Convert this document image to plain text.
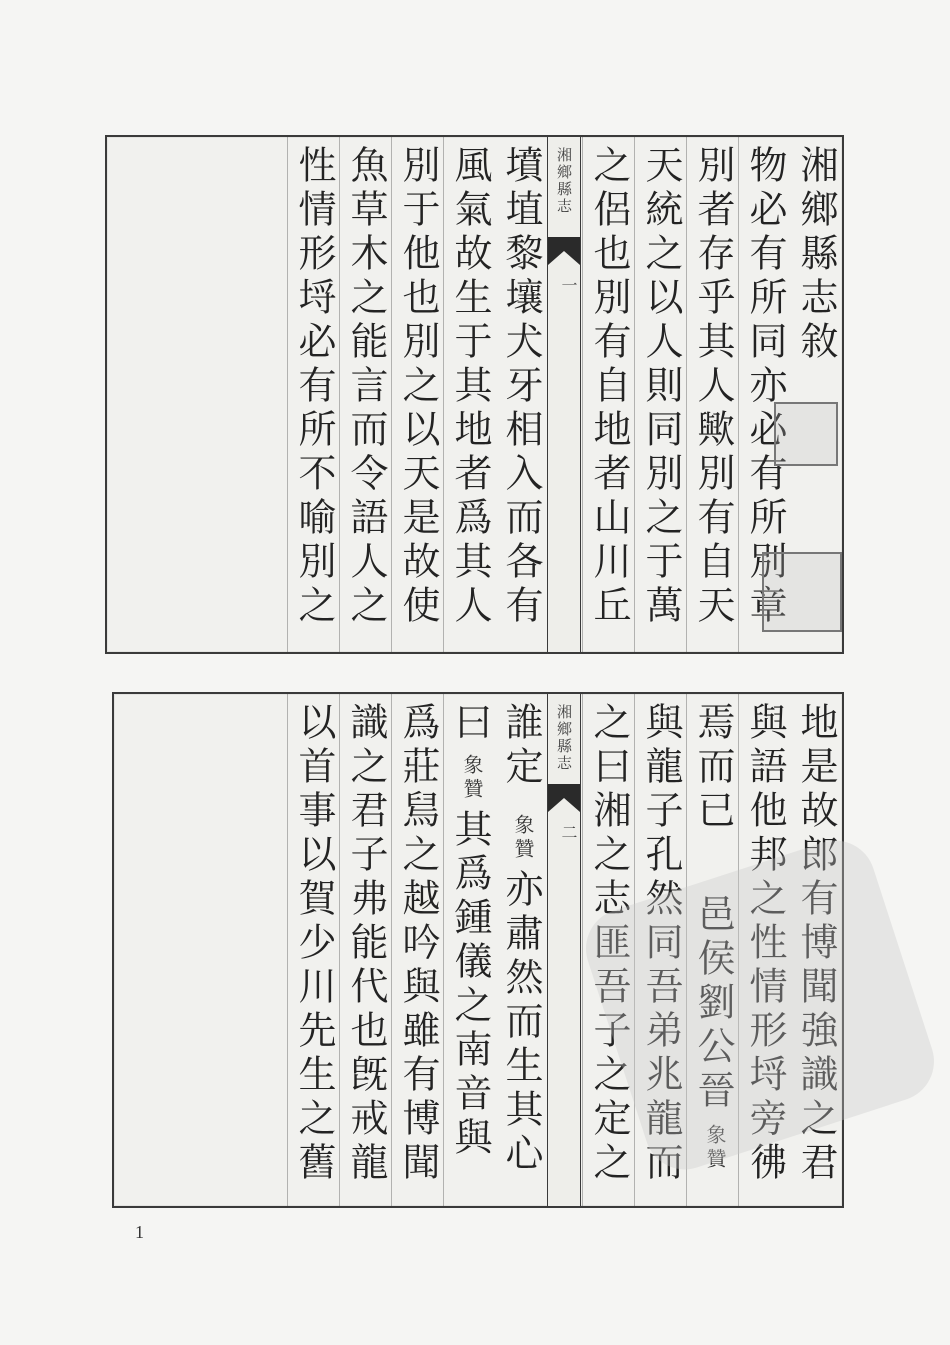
湘鄉縣志敘
物必有所同亦必有所別章
別者存乎其人歟別有自天
天統之以人則同別之于萬
之侶也別有自地者山川丘
湘鄉縣志
一
墳埴黎壤犬牙相入而各有
風氣故生于其地者爲其人
別于他也別之以天是故使
魚草木之能言而令語人之
性情形埒必有所不喻別之
地是故郎有博聞強識之君
與語他邦之性情形埒旁彿
焉而已
邑侯劉公晉
象贊
與龍子孔然同吾弟兆龍而
之曰湘之志匪吾子之定之
湘鄉縣志
二
誰定
象贊
亦肅然而生其心
曰
象贊
其爲鍾儀之南音與
爲莊舃之越吟與雖有博聞
識之君子弗能代也旣戒龍
以首事以賀少川先生之舊
1
